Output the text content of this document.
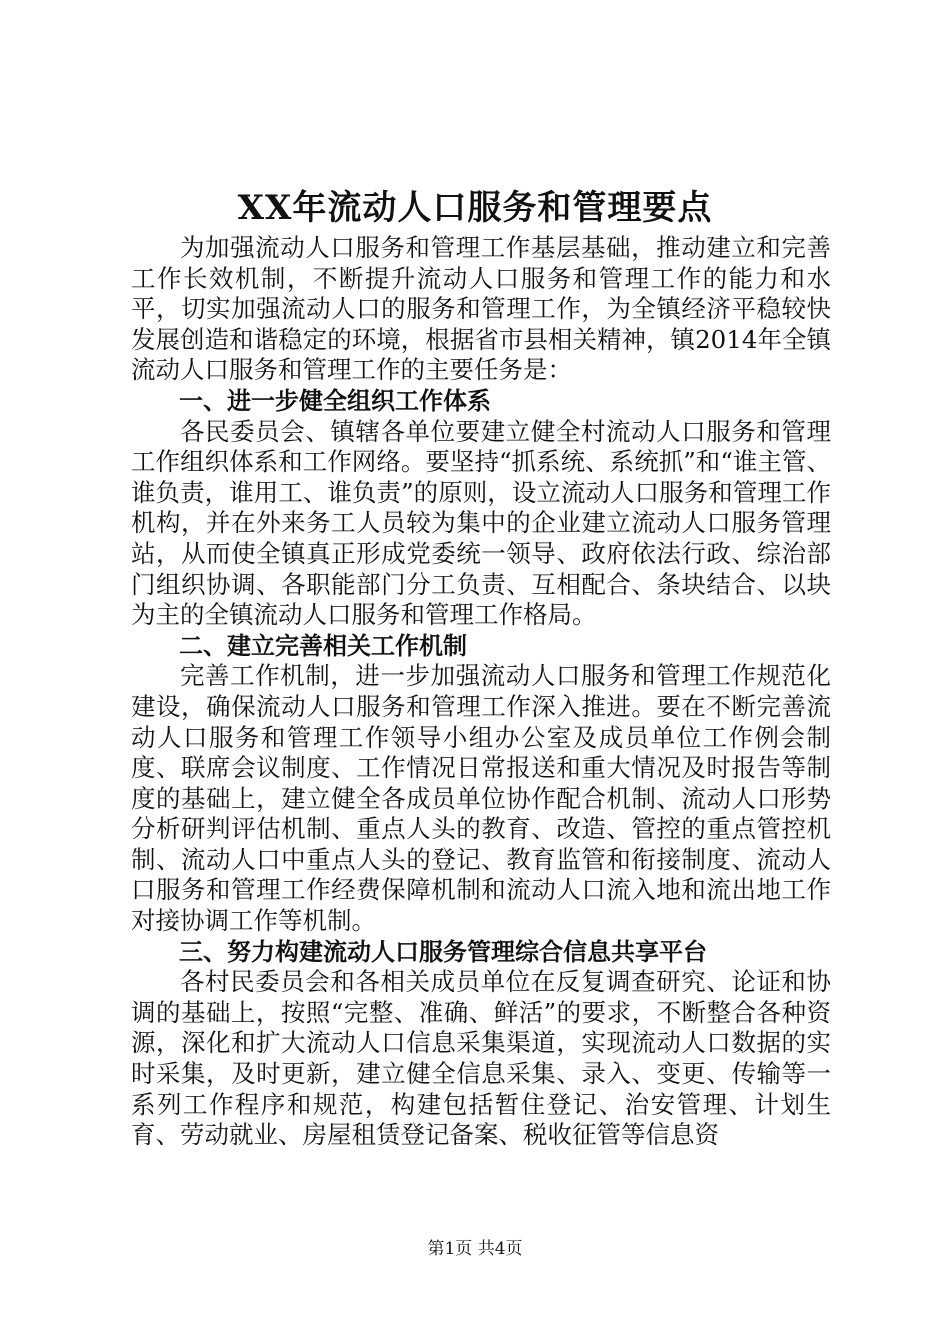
XX年流动人口服务和管理要点

为加强流动人口服务和管理工作基层基础，推动建立和完善工作长效机制，不断提升流动人口服务和管理工作的能力和水平，切实加强流动人口的服务和管理工作，为全镇经济平稳较快发展创造和谐稳定的环境，根据省市县相关精神，镇2014年全镇流动人口服务和管理工作的主要任务是：

一、进一步健全组织工作体系

各民委员会、镇辖各单位要建立健全村流动人口服务和管理工作组织体系和工作网络。要坚持“抓系统、系统抓”和“谁主管、谁负责，谁用工、谁负责”的原则，设立流动人口服务和管理工作机构，并在外来务工人员较为集中的企业建立流动人口服务管理站，从而使全镇真正形成党委统一领导、政府依法行政、综治部门组织协调、各职能部门分工负责、互相配合、条块结合、以块为主的全镇流动人口服务和管理工作格局。

二、建立完善相关工作机制

完善工作机制，进一步加强流动人口服务和管理工作规范化建设，确保流动人口服务和管理工作深入推进。要在不断完善流动人口服务和管理工作领导小组办公室及成员单位工作例会制度、联席会议制度、工作情况日常报送和重大情况及时报告等制度的基础上，建立健全各成员单位协作配合机制、流动人口形势分析研判评估机制、重点人头的教育、改造、管控的重点管控机制、流动人口中重点人头的登记、教育监管和衔接制度、流动人口服务和管理工作经费保障机制和流动人口流入地和流出地工作对接协调工作等机制。

三、努力构建流动人口服务管理综合信息共享平台

各村民委员会和各相关成员单位在反复调查研究、论证和协调的基础上，按照“完整、准确、鲜活”的要求，不断整合各种资源，深化和扩大流动人口信息采集渠道，实现流动人口数据的实时采集，及时更新，建立健全信息采集、录入、变更、传输等一系列工作程序和规范，构建包括暂住登记、治安管理、计划生育、劳动就业、房屋租赁登记备案、税收征管等信息资

第1页 共4页
